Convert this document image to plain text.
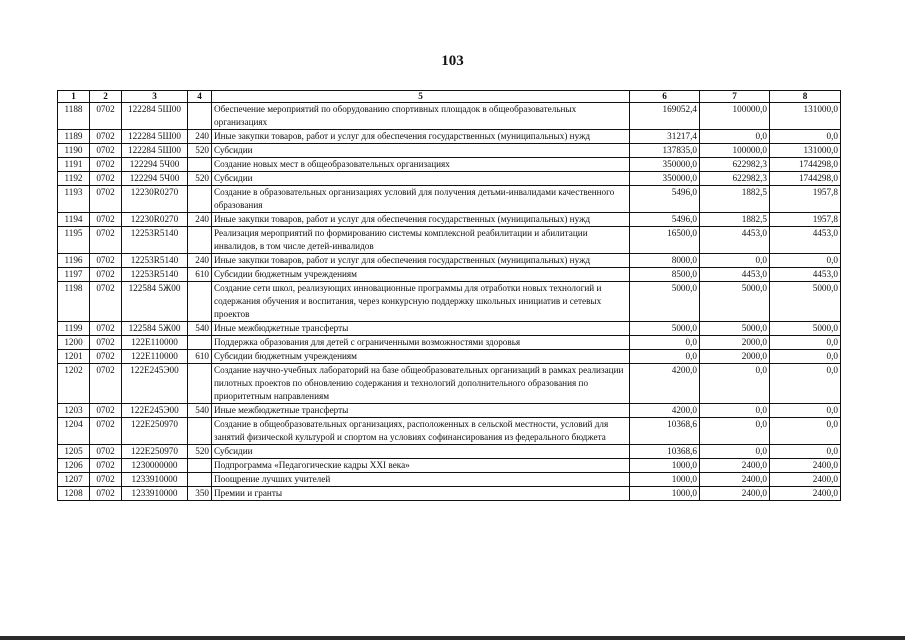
103
1	2	3	4	5	6	7	8
1188	0702	122284 5Ш00		Обеспечение мероприятий по оборудованию спортивных площадок в общеобразовательных организациях	169052,4	100000,0	131000,0
1189	0702	122284 5Ш00	240	Иные закупки товаров, работ и услуг для обеспечения государственных (муниципальных) нужд	31217,4	0,0	0,0
1190	0702	122284 5Ш00	520	Субсидии	137835,0	100000,0	131000,0
1191	0702	122294 5Ч00		Создание новых мест в общеобразовательных организациях	350000,0	622982,3	1744298,0
1192	0702	122294 5Ч00	520	Субсидии	350000,0	622982,3	1744298,0
1193	0702	12230R0270		Создание в образовательных организациях условий для получения детьми-инвалидами качественного образования	5496,0	1882,5	1957,8
1194	0702	12230R0270	240	Иные закупки товаров, работ и услуг для обеспечения государственных (муниципальных) нужд	5496,0	1882,5	1957,8
1195	0702	12253R5140		Реализация мероприятий по формированию системы комплексной реабилитации и абилитации инвалидов, в том числе детей-инвалидов	16500,0	4453,0	4453,0
1196	0702	12253R5140	240	Иные закупки товаров, работ и услуг для обеспечения государственных (муниципальных) нужд	8000,0	0,0	0,0
1197	0702	12253R5140	610	Субсидии бюджетным учреждениям	8500,0	4453,0	4453,0
1198	0702	122584 5Ж00		Создание сети школ, реализующих инновационные программы для отработки новых технологий и содержания обучения и воспитания, через конкурсную поддержку школьных инициатив и сетевых проектов	5000,0	5000,0	5000,0
1199	0702	122584 5Ж00	540	Иные межбюджетные трансферты	5000,0	5000,0	5000,0
1200	0702	122E110000		Поддержка образования для детей с ограниченными возможностями здоровья	0,0	2000,0	0,0
1201	0702	122E110000	610	Субсидии бюджетным учреждениям	0,0	2000,0	0,0
1202	0702	122E245Э00		Создание научно-учебных лабораторий на базе общеобразовательных организаций в рамках реализации пилотных проектов по обновлению содержания и технологий дополнительного образования по приоритетным направлениям	4200,0	0,0	0,0
1203	0702	122E245Э00	540	Иные межбюджетные трансферты	4200,0	0,0	0,0
1204	0702	122E250970		Создание в общеобразовательных организациях, расположенных в сельской местности, условий для занятий физической культурой и спортом на условиях софинансирования из федерального бюджета	10368,6	0,0	0,0
1205	0702	122E250970	520	Субсидии	10368,6	0,0	0,0
1206	0702	1230000000		Подпрограмма «Педагогические кадры XXI века»	1000,0	2400,0	2400,0
1207	0702	1233910000		Поощрение лучших учителей	1000,0	2400,0	2400,0
1208	0702	1233910000	350	Премии и гранты	1000,0	2400,0	2400,0
